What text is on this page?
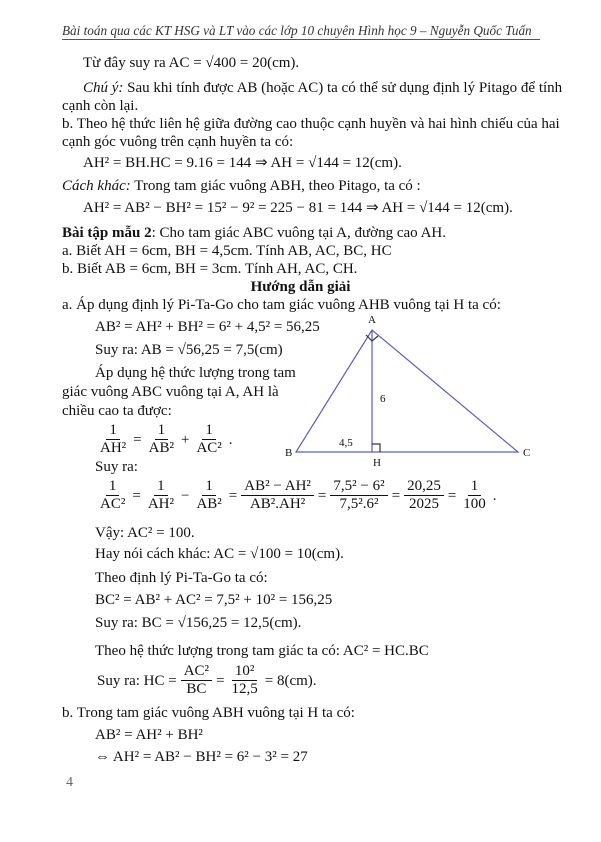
Bài toán qua các KT HSG và LT vào các lớp 10 chuyên Hình học 9 – Nguyễn Quốc Tuấn
Từ đây suy ra AC = √400 = 20(cm).
Chú ý: Sau khi tính được AB (hoặc AC) ta có thể sử dụng định lý Pitago để tính
cạnh còn lại.
b. Theo hệ thức liên hệ giữa đường cao thuộc cạnh huyền và hai hình chiếu của hai
cạnh góc vuông trên cạnh huyền ta có:
AH² = BH.HC = 9.16 = 144 ⇒ AH = √144 = 12(cm).
Cách khác: Trong tam giác vuông ABH, theo Pitago, ta có :
AH² = AB² − BH² = 15² − 9² = 225 − 81 = 144 ⇒ AH = √144 = 12(cm).
Bài tập mẫu 2: Cho tam giác ABC vuông tại A, đường cao AH.
a. Biết AH = 6cm, BH = 4,5cm. Tính AB, AC, BC, HC
b. Biết AB = 6cm, BH = 3cm. Tính AH, AC, CH.
Hướng dẫn giải
a. Áp dụng định lý Pi-Ta-Go cho tam giác vuông AHB vuông tại H ta có:
AB² = AH² + BH² = 6² + 4,5² = 56,25
Suy ra: AB = √56,25 = 7,5(cm)
Áp dụng hệ thức lượng trong tam
giác vuông ABC vuông tại A, AH là
chiều cao ta được:
$\frac{1}{\text{AH²}} = \frac{1}{\text{AB²}} + \frac{1}{\text{AC²}}$ .
Suy ra:
$\frac{1}{\text{AC²}} = \frac{1}{\text{AH²}} - \frac{1}{\text{AB²}} = \frac{\text{AB² − AH²}}{\text{AB².AH²}} = \frac{\text{7,5² − 6²}}{\text{7,5².6²}} = \frac{20,25}{2025} = \frac{1}{100}$ .
Vậy: AC² = 100.
Hay nói cách khác: AC = √100 = 10(cm).
Theo định lý Pi-Ta-Go ta có:
BC² = AB² + AC² = 7,5² + 10² = 156,25
Suy ra: BC = √156,25 = 12,5(cm).
Theo hệ thức lượng trong tam giác ta có: AC² = HC.BC
Suy ra: HC = $\frac{\text{AC²}}{BC} = \frac{\text{10²}}{12,5} = 8(cm)$.
b. Trong tam giác vuông ABH vuông tại H ta có:
AB² = AH² + BH²
⇔ AH² = AB² − BH² = 6² − 3² = 27
A
B	C
H
6
4,5
4
